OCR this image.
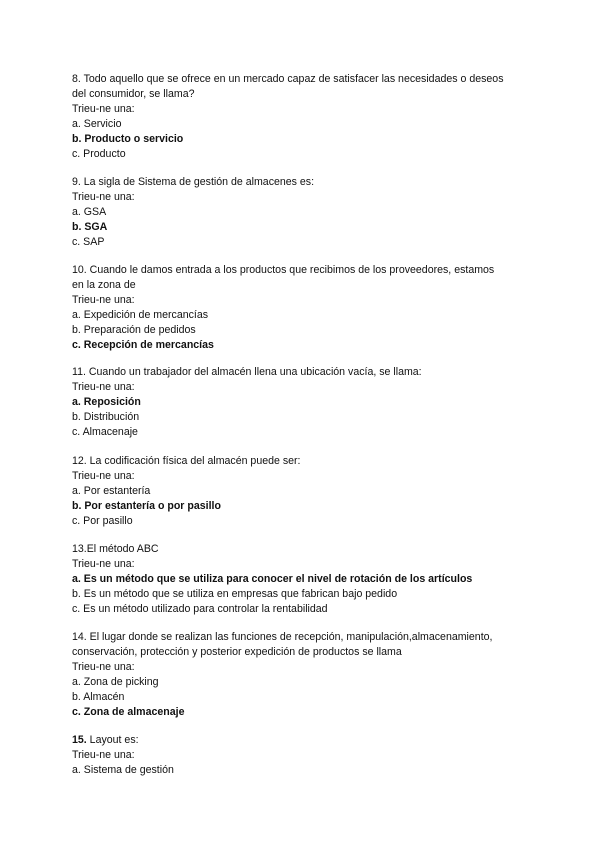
8. Todo aquello que se ofrece en un mercado capaz de satisfacer las necesidades o deseos
del consumidor, se llama?
Trieu-ne una:
a. Servicio
b. Producto o servicio
c. Producto
9. La sigla de Sistema de gestión de almacenes es:
Trieu-ne una:
a. GSA
b. SGA
c. SAP
10. Cuando le damos entrada a los productos que recibimos de los proveedores, estamos
en la zona de
Trieu-ne una:
a. Expedición de mercancías
b. Preparación de pedidos
c. Recepción de mercancías
11. Cuando un trabajador del almacén llena una ubicación vacía, se llama:
Trieu-ne una:
a. Reposición
b. Distribución
c. Almacenaje
12. La codificación física del almacén puede ser:
Trieu-ne una:
a. Por estantería
b. Por estantería o por pasillo
c. Por pasillo
13.El método ABC
Trieu-ne una:
a. Es un método que se utiliza para conocer el nivel de rotación de los artículos
b. Es un método que se utiliza en empresas que fabrican bajo pedido
c. Es un método utilizado para controlar la rentabilidad
14. El lugar donde se realizan las funciones de recepción, manipulación,almacenamiento,
conservación, protección y posterior expedición de productos se llama
Trieu-ne una:
a. Zona de picking
b. Almacén
c. Zona de almacenaje
15. Layout es:
Trieu-ne una:
a. Sistema de gestión
